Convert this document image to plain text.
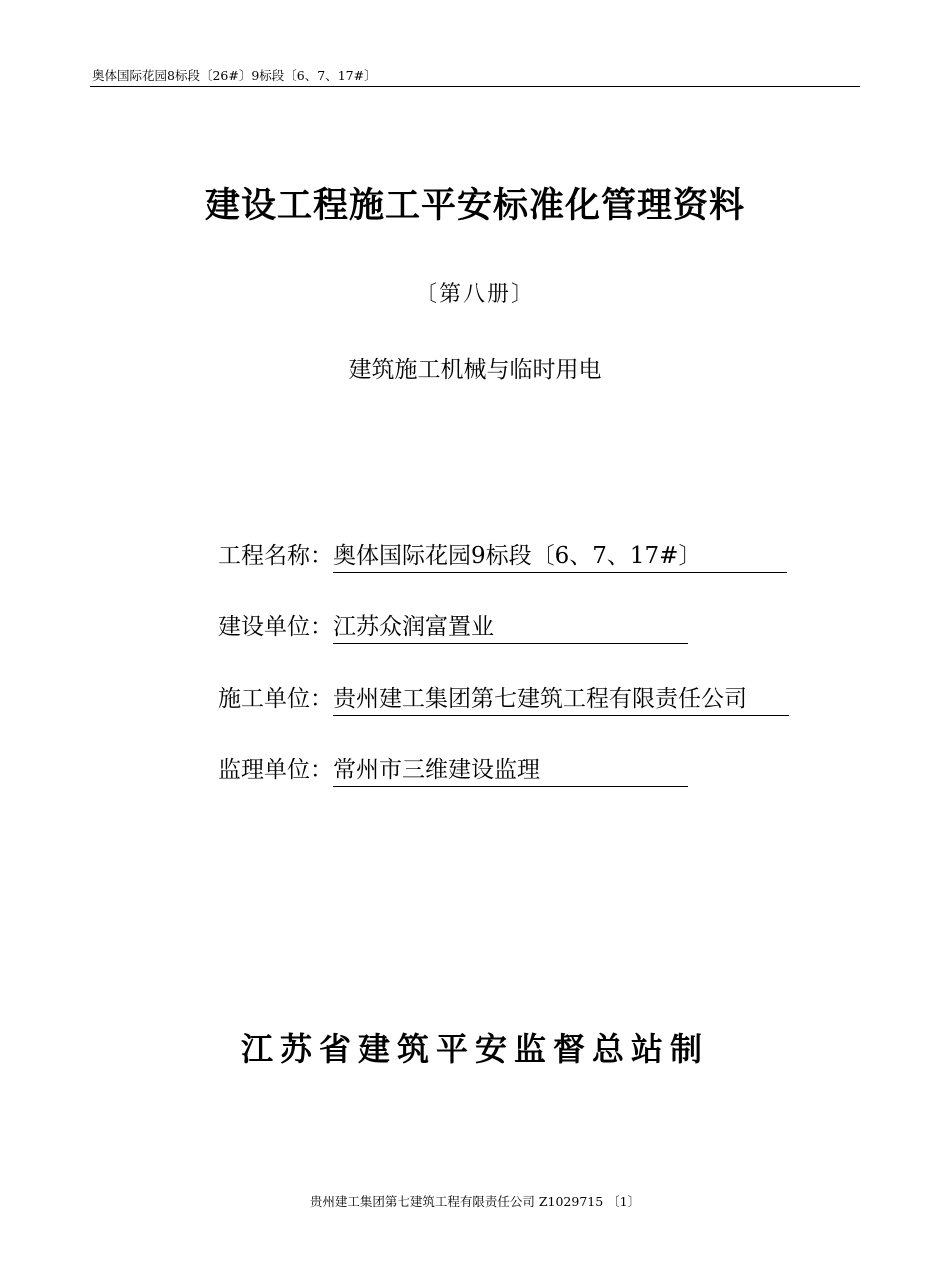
奥体国际花园8标段〔26#〕9标段〔6、7、17#〕
建设工程施工平安标准化管理资料
〔第八册〕
建筑施工机械与临时用电
工程名称：奥体国际花园9标段〔6、7、17#〕
建设单位：江苏众润富置业
施工单位：贵州建工集团第七建筑工程有限责任公司
监理单位：常州市三维建设监理
江苏省建筑平安监督总站制
贵州建工集团第七建筑工程有限责任公司 Z1029715 〔1〕
